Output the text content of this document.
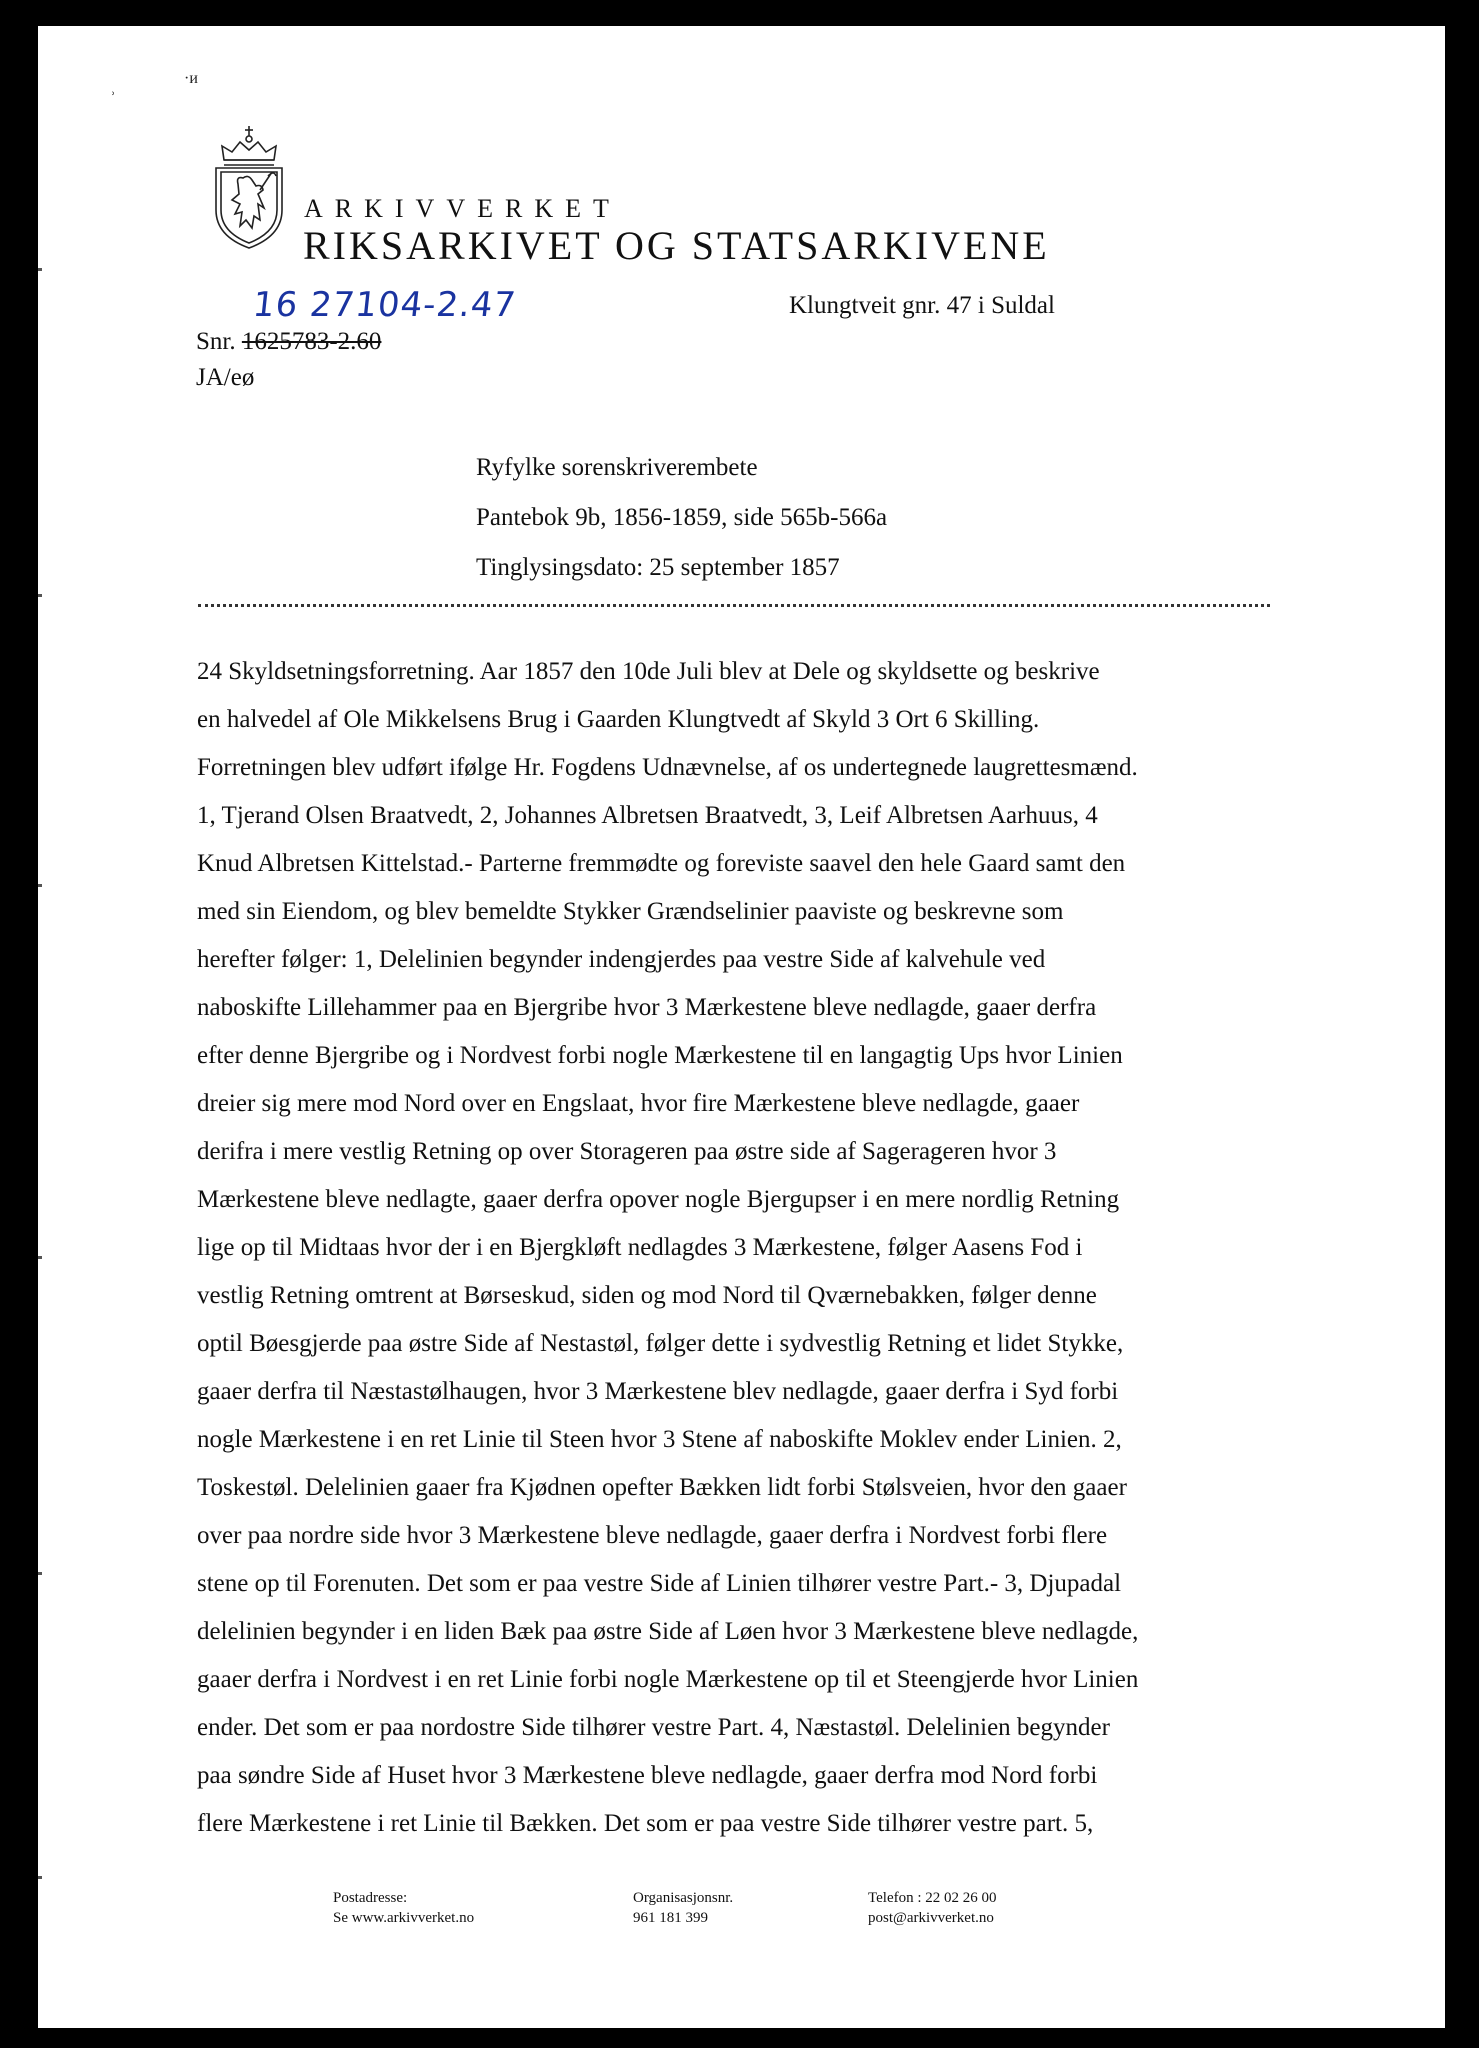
˒
·ᴎ
ARKIVVERKET
RIKSARKIVET OG STATSARKIVENE
Klungtveit gnr. 47 i Suldal
16 27104-2.47
Snr. 1625783-2.60
JA/eø
Ryfylke sorenskriverembete
Pantebok 9b, 1856-1859, side 565b-566a
Tinglysingsdato: 25 september 1857
24 Skyldsetningsforretning. Aar 1857 den 10de Juli blev at Dele og skyldsette og beskrive
en halvedel af Ole Mikkelsens Brug i Gaarden Klungtvedt af Skyld 3 Ort 6 Skilling.
Forretningen blev udført ifølge Hr. Fogdens Udnævnelse, af os undertegnede laugrettesmænd.
1, Tjerand Olsen Braatvedt, 2, Johannes Albretsen Braatvedt, 3, Leif Albretsen Aarhuus, 4
Knud Albretsen Kittelstad.- Parterne fremmødte og foreviste saavel den hele Gaard samt den
med sin Eiendom, og blev bemeldte Stykker Grændselinier paaviste og beskrevne som
herefter følger: 1, Delelinien begynder indengjerdes paa vestre Side af kalvehule ved
naboskifte Lillehammer paa en Bjergribe hvor 3 Mærkestene bleve nedlagde, gaaer derfra
efter denne Bjergribe og i Nordvest forbi nogle Mærkestene til en langagtig Ups hvor Linien
dreier sig mere mod Nord over en Engslaat, hvor fire Mærkestene bleve nedlagde, gaaer
derifra i mere vestlig Retning op over Storageren paa østre side af Sagerageren hvor 3
Mærkestene bleve nedlagte, gaaer derfra opover nogle Bjergupser i en mere nordlig Retning
lige op til Midtaas hvor der i en Bjergkløft nedlagdes 3 Mærkestene, følger Aasens Fod i
vestlig Retning omtrent at Børseskud, siden og mod Nord til Qværnebakken, følger denne
optil Bøesgjerde paa østre Side af Nestastøl, følger dette i sydvestlig Retning et lidet Stykke,
gaaer derfra til Næstastølhaugen, hvor 3 Mærkestene blev nedlagde, gaaer derfra i Syd forbi
nogle Mærkestene i en ret Linie til Steen hvor 3 Stene af naboskifte Moklev ender Linien. 2,
Toskestøl. Delelinien gaaer fra Kjødnen opefter Bækken lidt forbi Stølsveien, hvor den gaaer
over paa nordre side hvor 3 Mærkestene bleve nedlagde, gaaer derfra i Nordvest forbi flere
stene op til Forenuten. Det som er paa vestre Side af Linien tilhører vestre Part.- 3, Djupadal
delelinien begynder i en liden Bæk paa østre Side af Løen hvor 3 Mærkestene bleve nedlagde,
gaaer derfra i Nordvest i en ret Linie forbi nogle Mærkestene op til et Steengjerde hvor Linien
ender. Det som er paa nordostre Side tilhører vestre Part. 4, Næstastøl. Delelinien begynder
paa søndre Side af Huset hvor 3 Mærkestene bleve nedlagde, gaaer derfra mod Nord forbi
flere Mærkestene i ret Linie til Bækken. Det som er paa vestre Side tilhører vestre part. 5,
Postadresse:
Se www.arkivverket.no
Organisasjonsnr.
961 181 399
Telefon : 22 02 26 00
post@arkivverket.no
